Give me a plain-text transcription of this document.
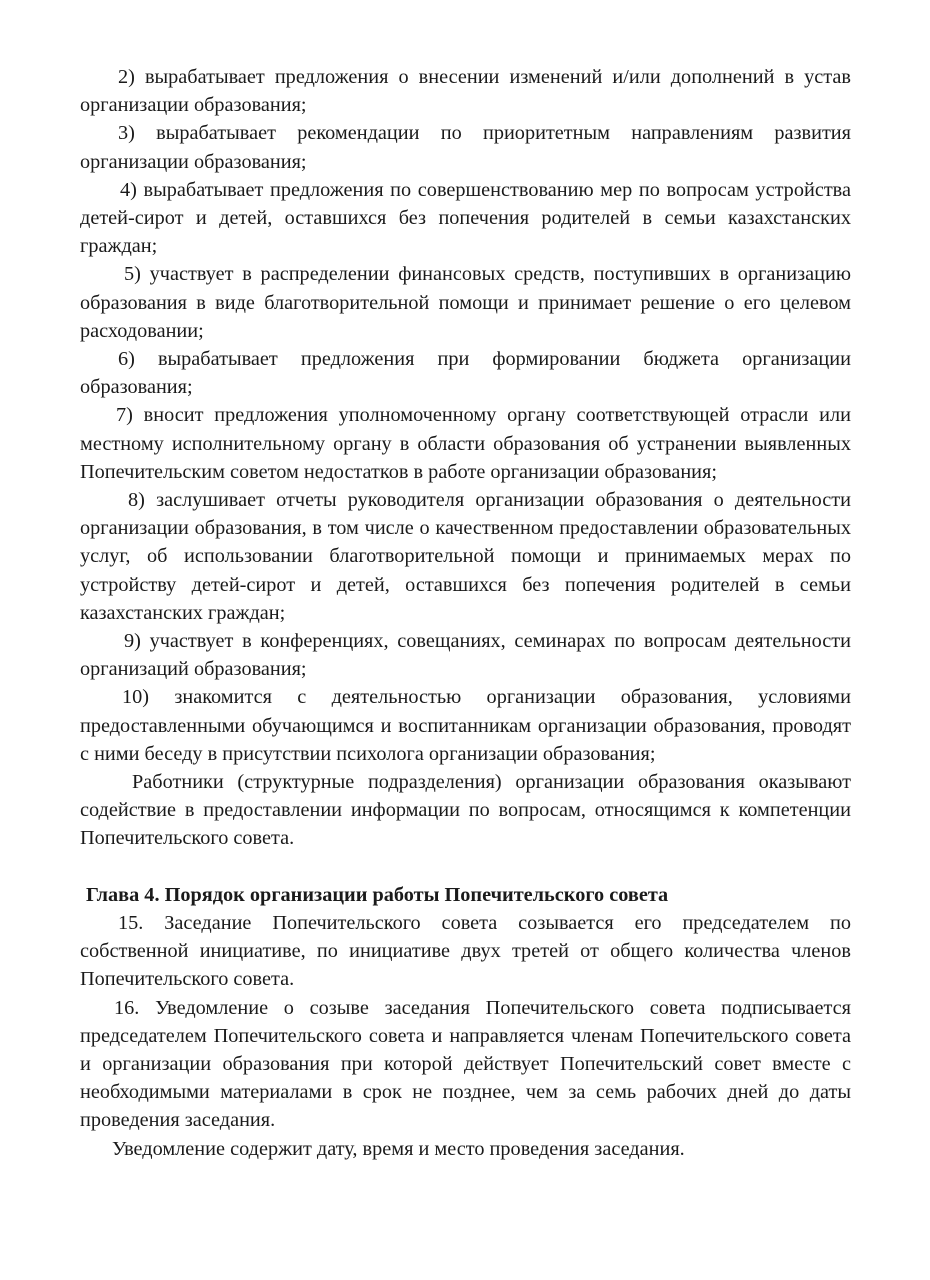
2) вырабатывает предложения о внесении изменений и/или дополнений в устав организации образования;

3) вырабатывает рекомендации по приоритетным направлениям развития организации образования;

4) вырабатывает предложения по совершенствованию мер по вопросам устройства детей-сирот и детей, оставшихся без попечения родителей в семьи казахстанских граждан;

5) участвует в распределении финансовых средств, поступивших в организацию образования в виде благотворительной помощи и принимает решение о его целевом расходовании;

6) вырабатывает предложения при формировании бюджета организации образования;

7) вносит предложения уполномоченному органу соответствующей отрасли или местному исполнительному органу в области образования об устранении выявленных Попечительским советом недостатков в работе организации образования;

8) заслушивает отчеты руководителя организации образования о деятельности организации образования, в том числе о качественном предоставлении образовательных услуг, об использовании благотворительной помощи и принимаемых мерах по устройству детей-сирот и детей, оставшихся без попечения родителей в семьи казахстанских граждан;

9) участвует в конференциях, совещаниях, семинарах по вопросам деятельности организаций образования;

10) знакомится с деятельностью организации образования, условиями предоставленными обучающимся и воспитанникам организации образования, проводят с ними беседу в присутствии психолога организации образования;

Работники (структурные подразделения) организации образования оказывают содействие в предоставлении информации по вопросам, относящимся к компетенции Попечительского совета.

Глава 4. Порядок организации работы Попечительского совета

15. Заседание Попечительского совета созывается его председателем по собственной инициативе, по инициативе двух третей от общего количества членов Попечительского совета.

16. Уведомление о созыве заседания Попечительского совета подписывается председателем Попечительского совета и направляется членам Попечительского совета и организации образования при которой действует Попечительский совет вместе с необходимыми материалами в срок не позднее, чем за семь рабочих дней до даты проведения заседания.

Уведомление содержит дату, время и место проведения заседания.
